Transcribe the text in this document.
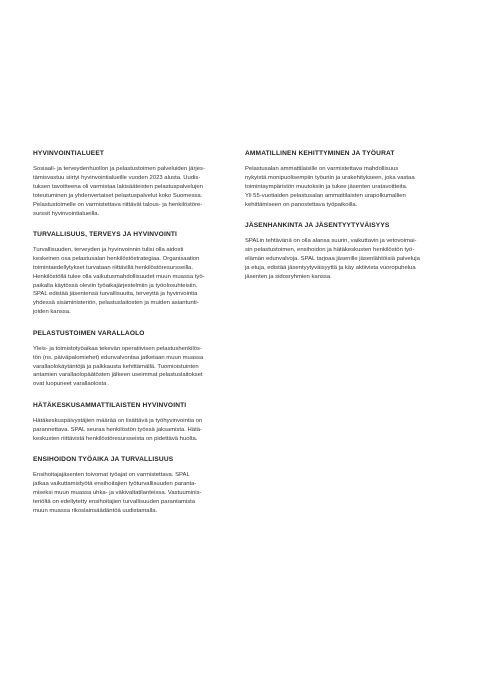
HYVINVOINTIALUEET

Sosiaali- ja terveydenhuollon ja pelastustoimen palveluiden järjes-
tämisvastuu siirtyi hyvinvointialueille vuoden 2023 alusta. Uudis-
tuksen tavoitteena oli varmistaa lakisääteisten pelastuspalvelujen
toteutuminen ja yhdenvertaiset pelastuspalvelut koko Suomessa.
Pelastustoimelle on varmistettava riittävät talous- ja henkilöstöre-
surssit hyvinvointialueilla.

TURVALLISUUS, TERVEYS JA HYVINVOINTI

Turvallisuuden, terveyden ja hyvinvoinnin tulisi olla aidosti
keskeinen osa pelastusalan henkilöstöstrategiaa. Organisaation
toimintaedellytykset turvataan riittävillä henkilöstöresursseilla.
Henkilöstöllä tulee olla vaikutusmahdollisuudet muun muassa työ-
paikalla käytössä oleviin työaikajärjestelmiin ja työolosuhteisiin.
SPAL edistää jäsentensä turvallisuutta, terveyttä ja hyvinvointia
yhdessä sisäministeriön, pelastuslaitosten ja muiden asiantunti-
joiden kanssa.

PELASTUSTOIMEN VARALLAOLO

Yleis- ja toimistotyöaikaa tekevän operatiivisen pelastushenkilös-
tön (ns. päiväpalomiehet) edunvalvontaa jatketaan muun muassa
varallaolokäytäntöjä ja palkkausta kehittämällä. Tuomioistuinten
antamien varallaolopäätösten jälkeen useimmat pelastuslaitokset
ovat luopuneet varallaolosta .

HÄTÄKESKUSAMMATTILAISTEN HYVINVOINTI

Hätäkeskuspäivystäjien määrää on lisättävä ja työhyvinvointia on
parannettava. SPAL seuraa henkilöstön työssä jaksamista. Hätä-
keskusten riittävistä henkilöstöresursseista on pidettävä huolta.

ENSIHOIDON TYÖAIKA JA TURVALLISUUS

Ensihoitajajäsenten toivomat työajat on varmistettava. SPAL
jatkaa vaikuttamistyötä ensihoitajien työturvallisuuden paranta-
miseksi muun muassa uhka- ja väkivaltatilanteissa. Vastuuminis-
teriöltä on edellytetty ensihoitajien turvallisuuden parantamista
muun muassa rikoslainsäädäntöä uudistamalla.

AMMATILLINEN KEHITTYMINEN JA TYÖURAT

Pelastusalan ammattilaisille on varmistettava mahdollisuus
nykyistä monipuolisempiin työuriin ja urakehitykseen, joka vastaa
toimintaympäristön muutoksiin ja tukee jäsenten uratavoitteita.
Yli 55-vuotiaiden pelastusalan ammattilaisten urapolkumallien
kehittämiseen on panostettava työpaikoilla.

JÄSENHANKINTA JA JÄSENTYYTYVÄISYYS

SPALin tehtävänä on olla alansa suurin, vaikuttavin ja vetovoimai-
sin pelastustoimen, ensihoidon ja hätäkeskusten henkilöstön työ-
elämän edunvalvoja. SPAL tarjoaa jäsenille jäsenlähtöisiä palveluja
ja etuja, edistää jäsentyytyväisyyttä ja käy aktiivista vuoropuhelua
jäsenten ja sidosryhmien kanssa.
